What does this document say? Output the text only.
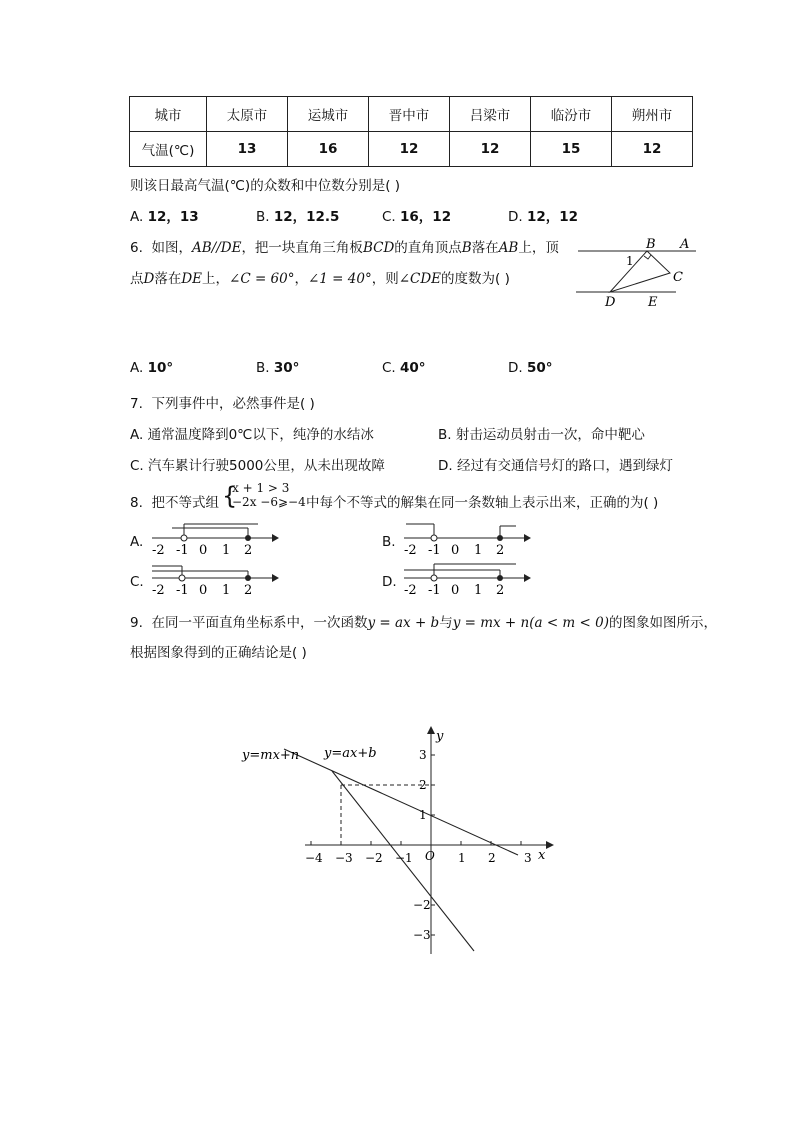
城市	太原市	运城市	晋中市	吕梁市	临汾市	朔州市
气温(℃)	13	16	12	12	15	12
则该日最高气温(℃)的众数和中位数分别是( )
A. 12，13	B. 12，12.5	C. 16，12	D. 12，12
6. 如图，AB//DE，把一块直角三角板BCD的直角顶点B落在AB上，顶
点D落在DE上，∠C = 60°，∠1 = 40°，则∠CDE的度数为( )
B A
1
C
D	E
A. 10°	B. 30°	C. 40°	D. 50°
7. 下列事件中，必然事件是( )
A. 通常温度降到0℃以下，纯净的水结冰	B. 射击运动员射击一次，命中靶心
C. 汽车累计行驶5000公里，从未出现故障	D. 经过有交通信号灯的路口，遇到绿灯
8. 把不等式组 {
x + 1 > 3
−2x −6⩾−4 中每个不等式的解集在同一条数轴上表示出来，正确的为( )
A.
-2 -1 0 1 2
B.
-2 -1 0 1 2
C.
-2 -1 0 1 2
D.
-2 -1 0 1 2
9. 在同一平面直角坐标系中，一次函数y = ax + b与y = mx + n(a < m < 0)的图象如图所示，
根据图象得到的正确结论是( )
y=mx+n y=ax+b
x
y
O
−4 −3 −2 −1	1 2 3
3
2
1
−2
−3
